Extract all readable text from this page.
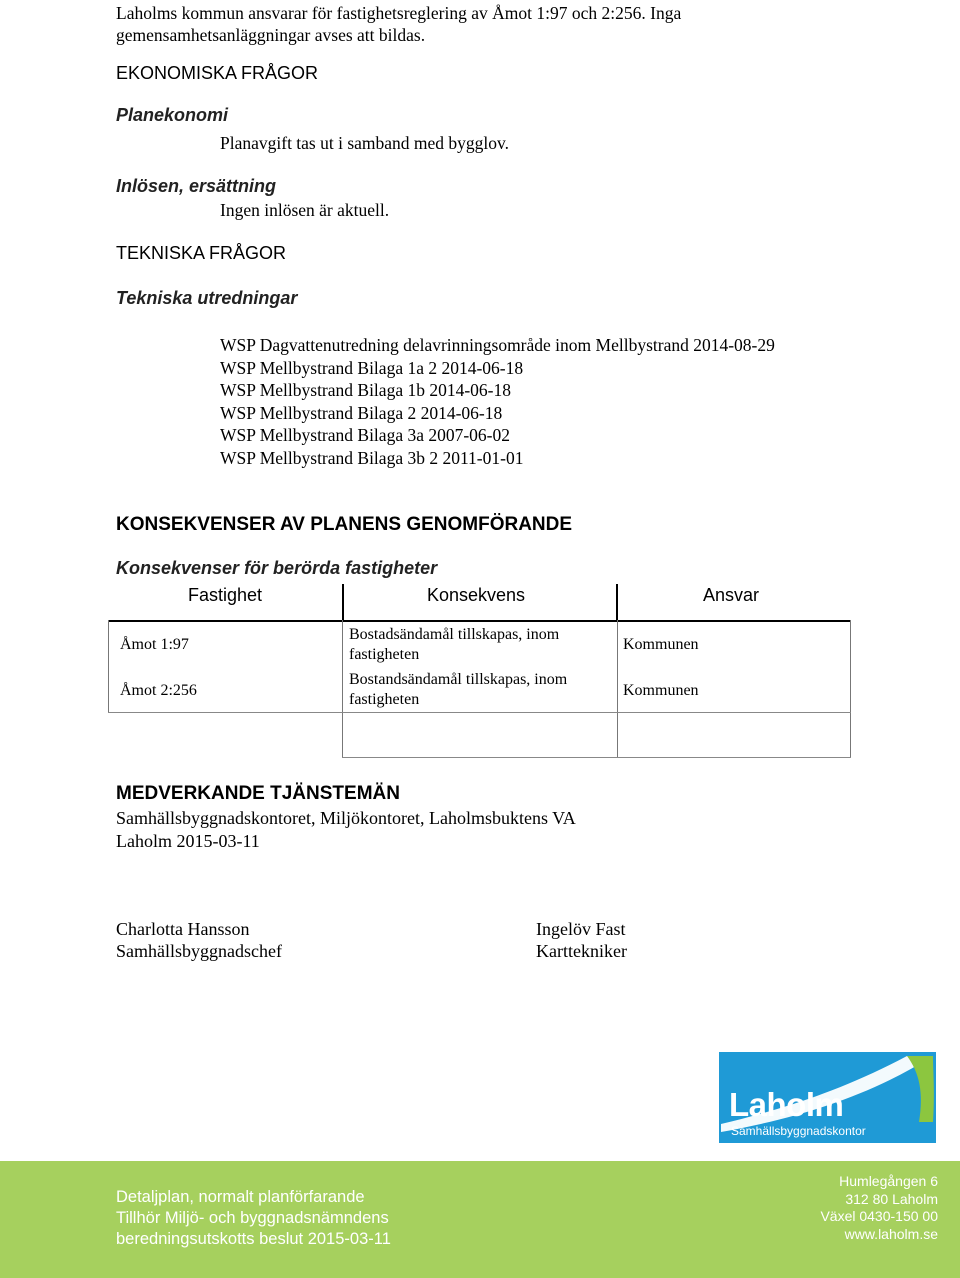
Laholms kommun ansvarar för fastighetsreglering av Åmot 1:97 och 2:256. Inga
gemensamhetsanläggningar avses att bildas.
EKONOMISKA FRÅGOR
Planekonomi
Planavgift tas ut i samband med bygglov.
Inlösen, ersättning
Ingen inlösen är aktuell.
TEKNISKA FRÅGOR
Tekniska utredningar
WSP Dagvattenutredning delavrinningsområde inom Mellbystrand 2014-08-29
WSP Mellbystrand Bilaga 1a 2 2014-06-18
WSP Mellbystrand Bilaga 1b 2014-06-18
WSP Mellbystrand Bilaga 2 2014-06-18
WSP Mellbystrand Bilaga 3a 2007-06-02
WSP Mellbystrand Bilaga 3b 2 2011-01-01
KONSEKVENSER AV PLANENS GENOMFÖRANDE
Konsekvenser för berörda fastigheter
Fastighet	Konsekvens	Ansvar
Åmot 1:97
Bostadsändamål tillskapas, inom
fastigheten
Kommunen
Åmot 2:256
Bostandsändamål tillskapas, inom
fastigheten
Kommunen
MEDVERKANDE TJÄNSTEMÄN
Samhällsbyggnadskontoret, Miljökontoret, Laholmsbuktens VA
Laholm 2015-03-11
Charlotta Hansson
Samhällsbyggnadschef
Ingelöv Fast
Karttekniker
Laholm
Samhällsbyggnadskontor
Detaljplan, normalt planförfarande
Tillhör Miljö- och byggnadsnämndens
beredningsutskotts beslut 2015-03-11
Humlegången 6
312 80 Laholm
Växel 0430-150 00
www.laholm.se
